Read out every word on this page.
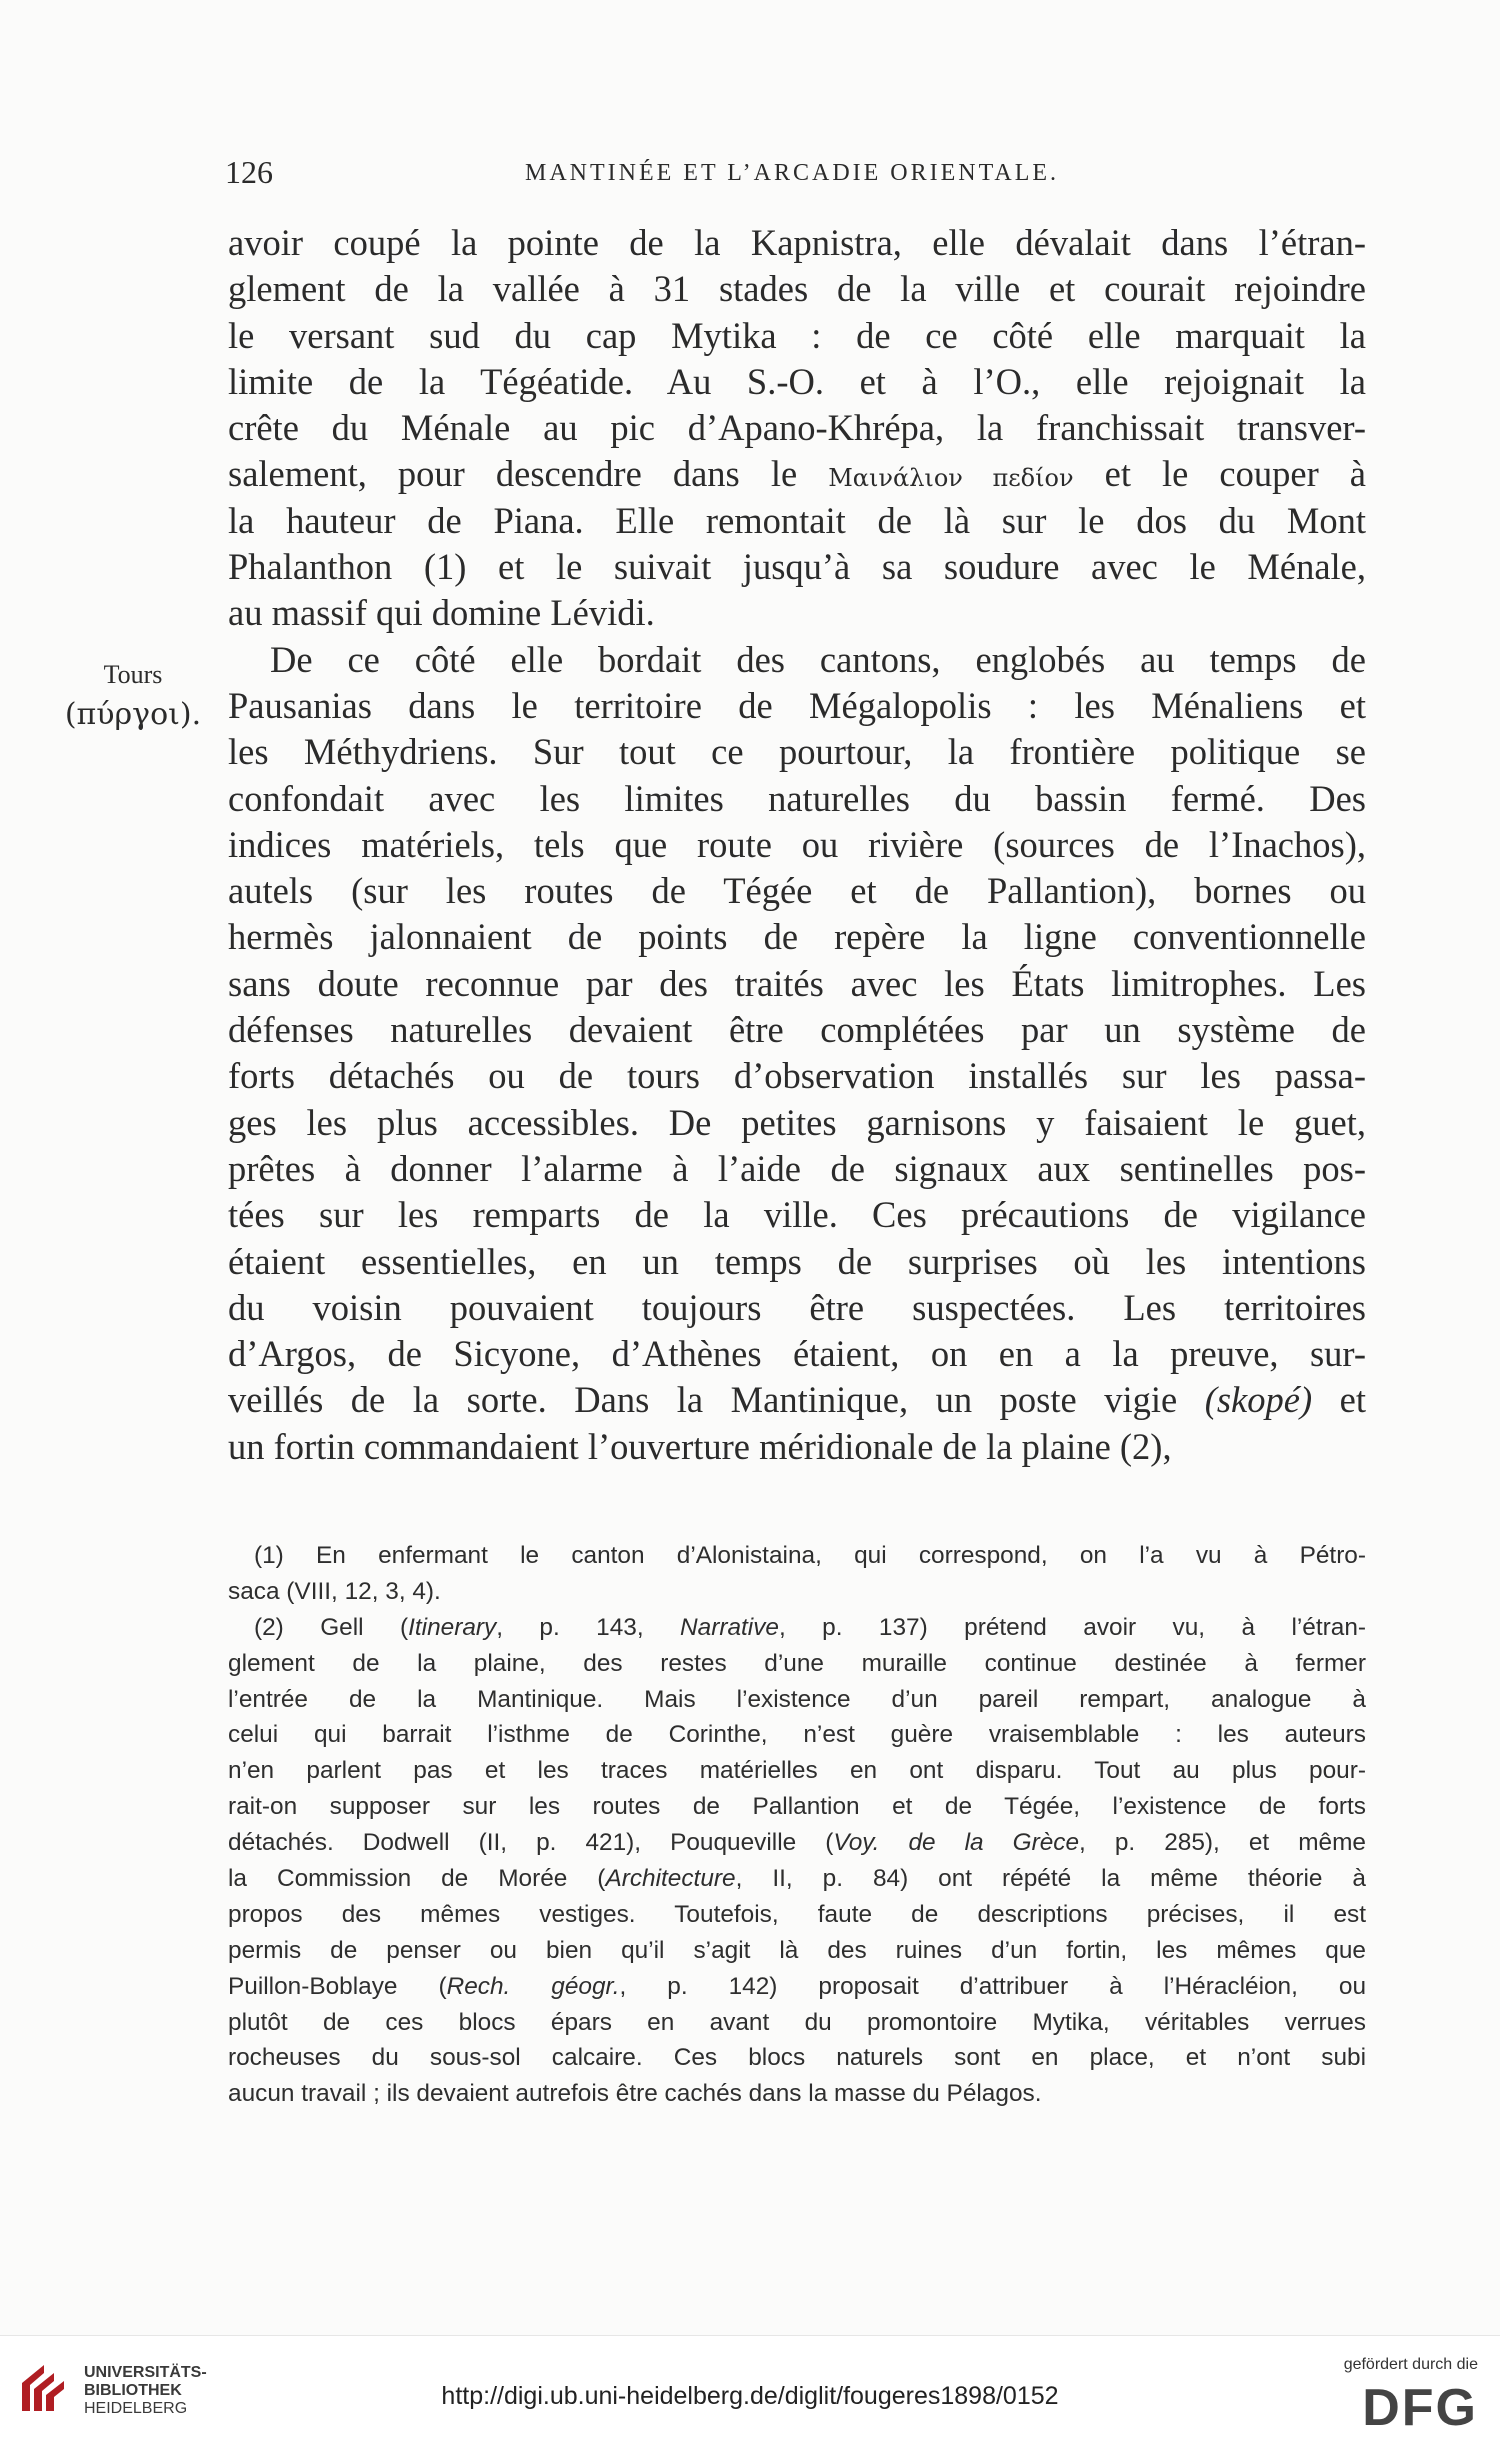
126	MANTINÉE ET L’ARCADIE ORIENTALE.
Tours
(πύργοι).
avoir coupé la pointe de la Kapnistra, elle dévalait dans l’étran-
glement de la vallée à 31 stades de la ville et courait rejoindre
le versant sud du cap Mytika : de ce côté elle marquait la
limite de la Tégéatide. Au S.-O. et à l’O., elle rejoignait la
crête du Ménale au pic d’Apano-Khrépa, la franchissait transver-
salement, pour descendre dans le Μαινάλιον πεδίον et le couper à
la hauteur de Piana. Elle remontait de là sur le dos du Mont
Phalanthon (1) et le suivait jusqu’à sa soudure avec le Ménale,
au massif qui domine Lévidi.
De ce côté elle bordait des cantons, englobés au temps de
Pausanias dans le territoire de Mégalopolis : les Ménaliens et
les Méthydriens. Sur tout ce pourtour, la frontière politique se
confondait avec les limites naturelles du bassin fermé. Des
indices matériels, tels que route ou rivière (sources de l’Inachos),
autels (sur les routes de Tégée et de Pallantion), bornes ou
hermès jalonnaient de points de repère la ligne conventionnelle
sans doute reconnue par des traités avec les États limitrophes. Les
défenses naturelles devaient être complétées par un système de
forts détachés ou de tours d’observation installés sur les passa-
ges les plus accessibles. De petites garnisons y faisaient le guet,
prêtes à donner l’alarme à l’aide de signaux aux sentinelles pos-
tées sur les remparts de la ville. Ces précautions de vigilance
étaient essentielles, en un temps de surprises où les intentions
du voisin pouvaient toujours être suspectées. Les territoires
d’Argos, de Sicyone, d’Athènes étaient, on en a la preuve, sur-
veillés de la sorte. Dans la Mantinique, un poste vigie (skopé) et
un fortin commandaient l’ouverture méridionale de la plaine (2),
(1) En enfermant le canton d’Alonistaina, qui correspond, on l’a vu à Pétro-
saca (VIII, 12, 3, 4).
(2) Gell (Itinerary, p. 143, Narrative, p. 137) prétend avoir vu, à l’étran-
glement de la plaine, des restes d’une muraille continue destinée à fermer
l’entrée de la Mantinique. Mais l’existence d’un pareil rempart, analogue à
celui qui barrait l’isthme de Corinthe, n’est guère vraisemblable : les auteurs
n’en parlent pas et les traces matérielles en ont disparu. Tout au plus pour-
rait-on supposer sur les routes de Pallantion et de Tégée, l’existence de forts
détachés. Dodwell (II, p. 421), Pouqueville (Voy. de la Grèce, p. 285), et même
la Commission de Morée (Architecture, II, p. 84) ont répété la même théorie à
propos des mêmes vestiges. Toutefois, faute de descriptions précises, il est
permis de penser ou bien qu’il s’agit là des ruines d’un fortin, les mêmes que
Puillon-Boblaye (Rech. géogr., p. 142) proposait d’attribuer à l’Héracléion, ou
plutôt de ces blocs épars en avant du promontoire Mytika, véritables verrues
rocheuses du sous-sol calcaire. Ces blocs naturels sont en place, et n’ont subi
aucun travail ; ils devaient autrefois être cachés dans la masse du Pélagos.
UNIVERSITÄTS-
BIBLIOTHEK
HEIDELBERG	http://digi.ub.uni-heidelberg.de/diglit/fougeres1898/0152
gefördert durch die
DFG
